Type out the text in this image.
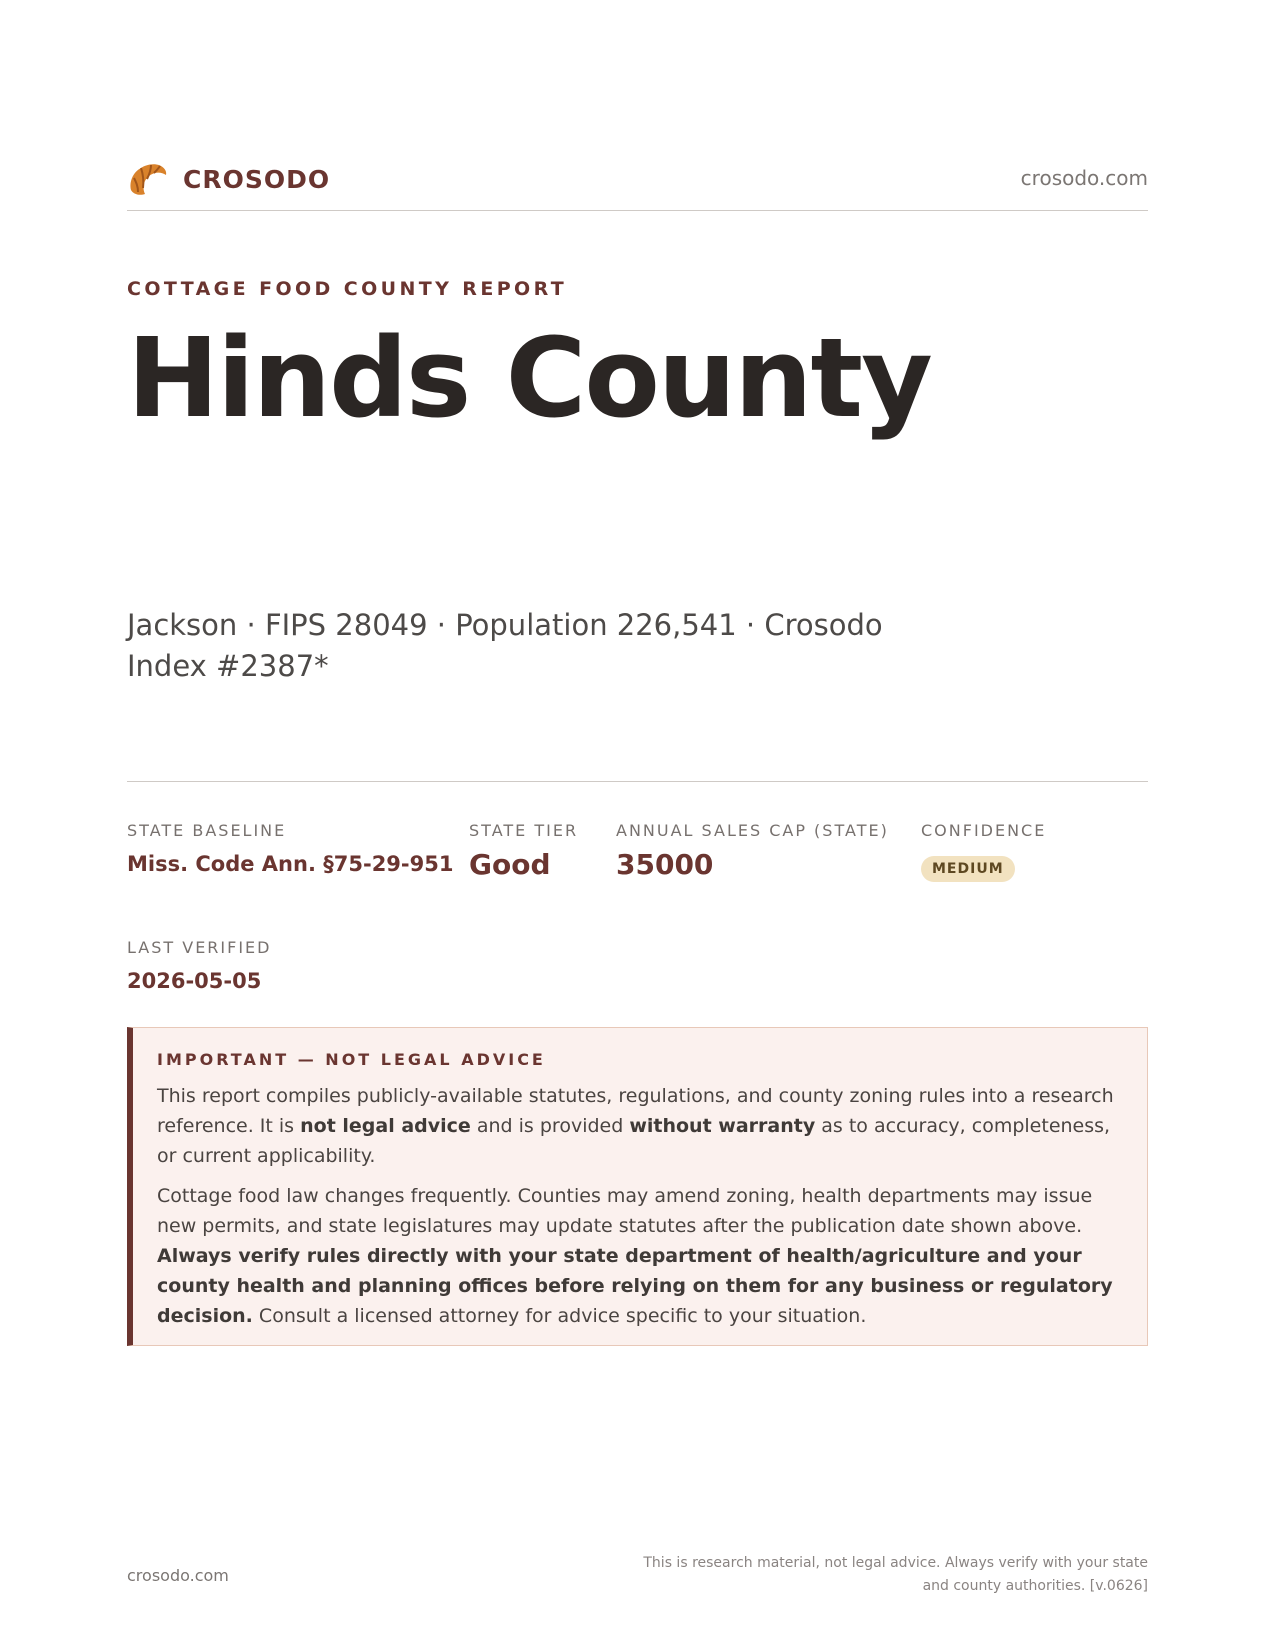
CROSODO	crosodo.com
COTTAGE FOOD COUNTY REPORT
Hinds County
Jackson · FIPS 28049 · Population 226,541 · Crosodo Index #2387*
STATE BASELINE
Miss. Code Ann. §75-29-951
STATE TIER
Good
ANNUAL SALES CAP (STATE)
35000
CONFIDENCE
MEDIUM
LAST VERIFIED
2026-05-05
IMPORTANT — NOT LEGAL ADVICE

This report compiles publicly-available statutes, regulations, and county zoning rules into a research reference. It is not legal advice and is provided without warranty as to accuracy, completeness, or current applicability.

Cottage food law changes frequently. Counties may amend zoning, health departments may issue new permits, and state legislatures may update statutes after the publication date shown above. Always verify rules directly with your state department of health/agriculture and your county health and planning offices before relying on them for any business or regulatory decision. Consult a licensed attorney for advice specific to your situation.

crosodo.com
This is research material, not legal advice. Always verify with your state and county authorities. [v.0626]
